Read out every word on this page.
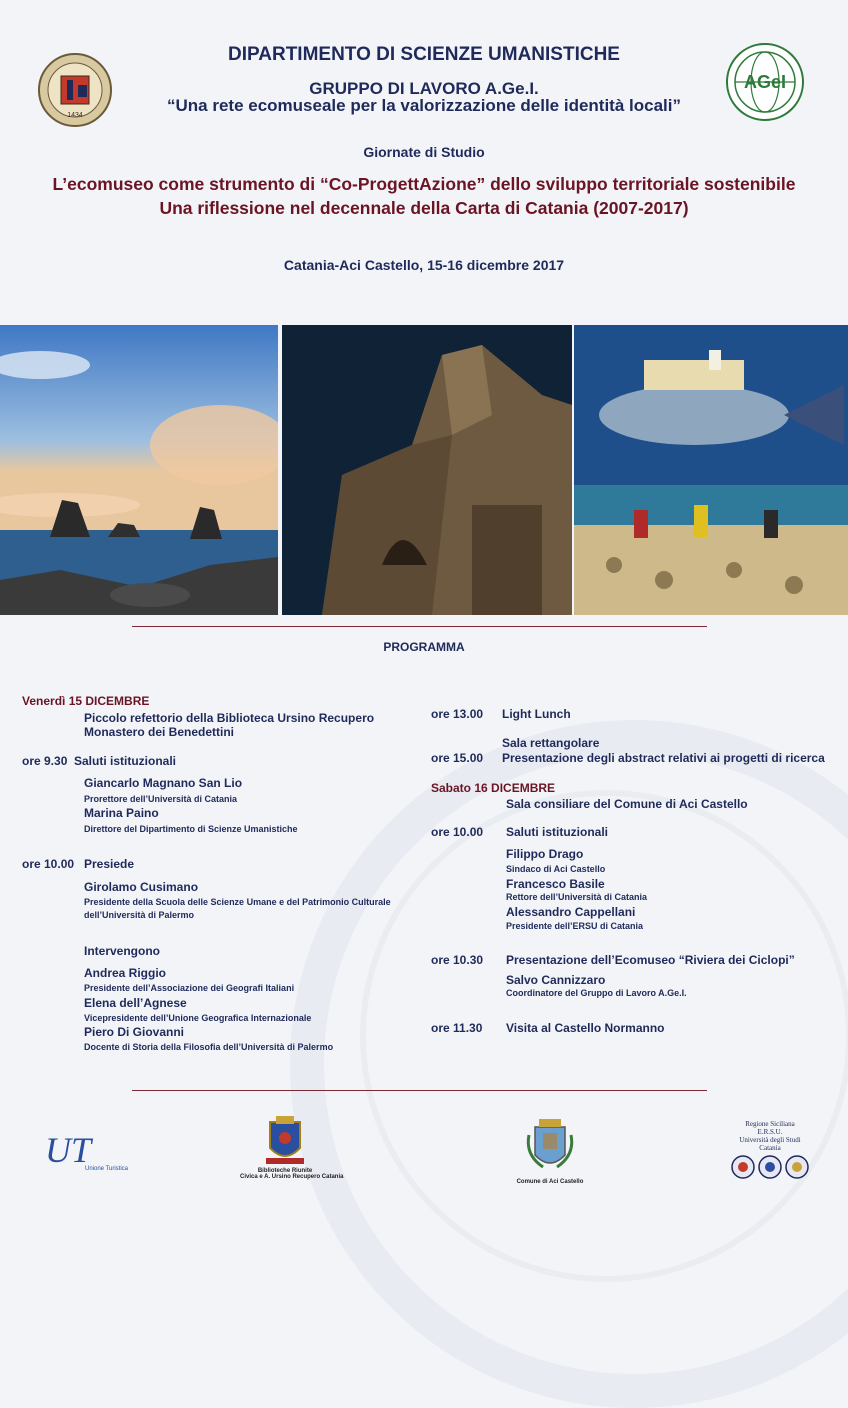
1434
AGeI
DIPARTIMENTO DI SCIENZE UMANISTICHE
GRUPPO DI LAVORO A.Ge.I.
“Una rete ecomuseale per la valorizzazione delle identità locali”
Giornate di Studio
L’ecomuseo come strumento di “Co-ProgettAzione” dello sviluppo territoriale sostenibile
Una riflessione nel decennale della Carta di Catania (2007-2017)
Catania-Aci Castello, 15-16 dicembre 2017
PROGRAMMA
Venerdì 15 DICEMBRE
Piccolo refettorio della Biblioteca Ursino Recupero
Monastero dei Benedettini
ore 9.30 Saluti istituzionali
Giancarlo Magnano San Lio
Prorettore dell’Università di Catania
Marina Paino
Direttore del Dipartimento di Scienze Umanistiche
ore 10.00 Presiede
Girolamo Cusimano
Presidente della Scuola delle Scienze Umane e del Patrimonio Culturale
dell’Università di Palermo
Intervengono
Andrea Riggio
Presidente dell’Associazione dei Geografi Italiani
Elena dell’Agnese
Vicepresidente dell’Unione Geografica Internazionale
Piero Di Giovanni
Docente di Storia della Filosofia dell’Università di Palermo
ore 13.00 Light Lunch
Sala rettangolare
ore 15.00 Presentazione degli abstract relativi ai progetti di ricerca
Sabato 16 DICEMBRE
Sala consiliare del Comune di Aci Castello
ore 10.00 Saluti istituzionali
Filippo Drago
Sindaco di Aci Castello
Francesco Basile
Rettore dell’Università di Catania
Alessandro Cappellani
Presidente dell’ERSU di Catania
ore 10.30 Presentazione dell’Ecomuseo “Riviera dei Ciclopi”
Salvo Cannizzaro
Coordinatore del Gruppo di Lavoro A.Ge.I.
ore 11.30 Visita al Castello Normanno
UT
Unione Turistica	Biblioteche Riunite
Civica e A. Ursino Recupero Catania
Comune di Aci Castello
Regione Siciliana
E.R.S.U.
Università degli Studi
Catania
